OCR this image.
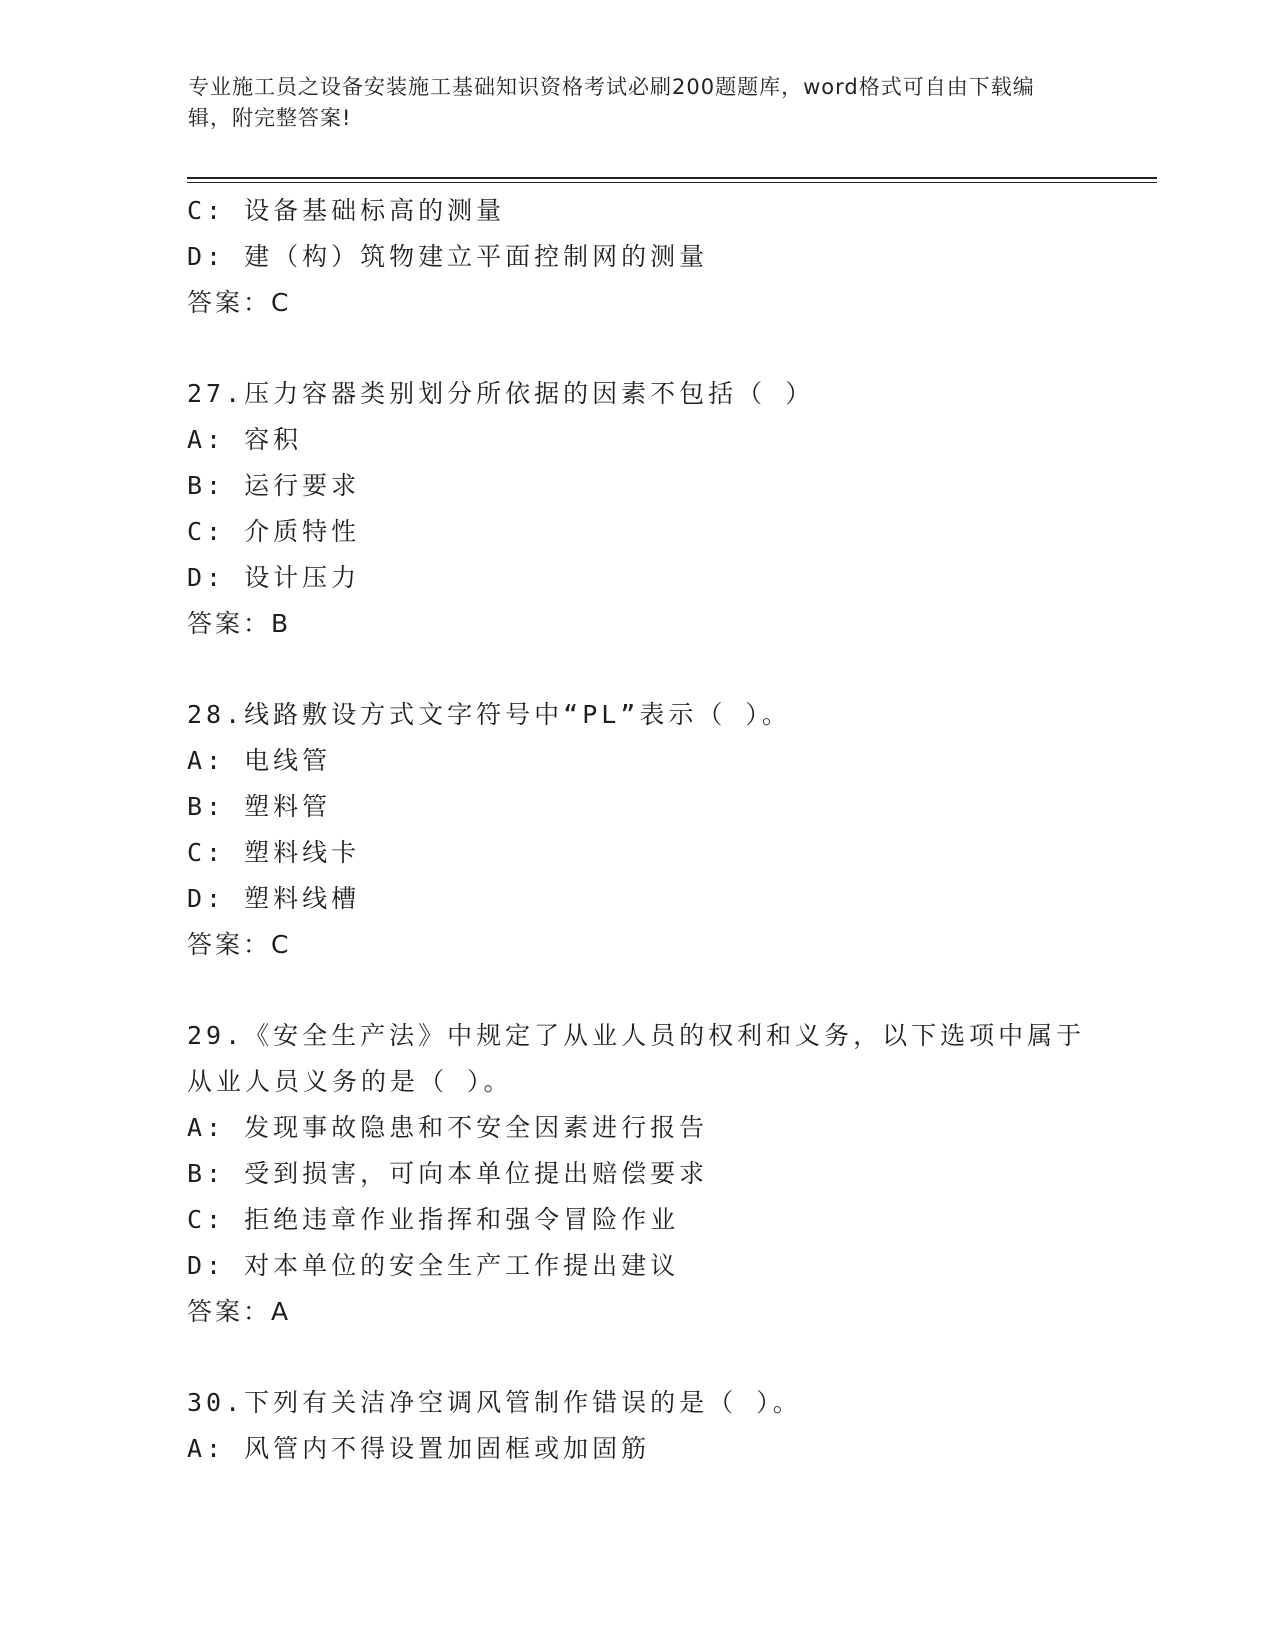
专业施工员之设备安装施工基础知识资格考试必刷200题题库，word格式可自由下载编辑，附完整答案!
C: 设备基础标高的测量
D: 建（构）筑物建立平面控制网的测量
答案：C
27.压力容器类别划分所依据的因素不包括（ ）
A: 容积
B: 运行要求
C: 介质特性
D: 设计压力
答案：B
28.线路敷设方式文字符号中“PL”表示（ ）。
A: 电线管
B: 塑料管
C: 塑料线卡
D: 塑料线槽
答案：C
29.《安全生产法》中规定了从业人员的权利和义务，以下选项中属于
从业人员义务的是（ ）。
A: 发现事故隐患和不安全因素进行报告
B: 受到损害，可向本单位提出赔偿要求
C: 拒绝违章作业指挥和强令冒险作业
D: 对本单位的安全生产工作提出建议
答案：A
30.下列有关洁净空调风管制作错误的是（ ）。
A: 风管内不得设置加固框或加固筋
